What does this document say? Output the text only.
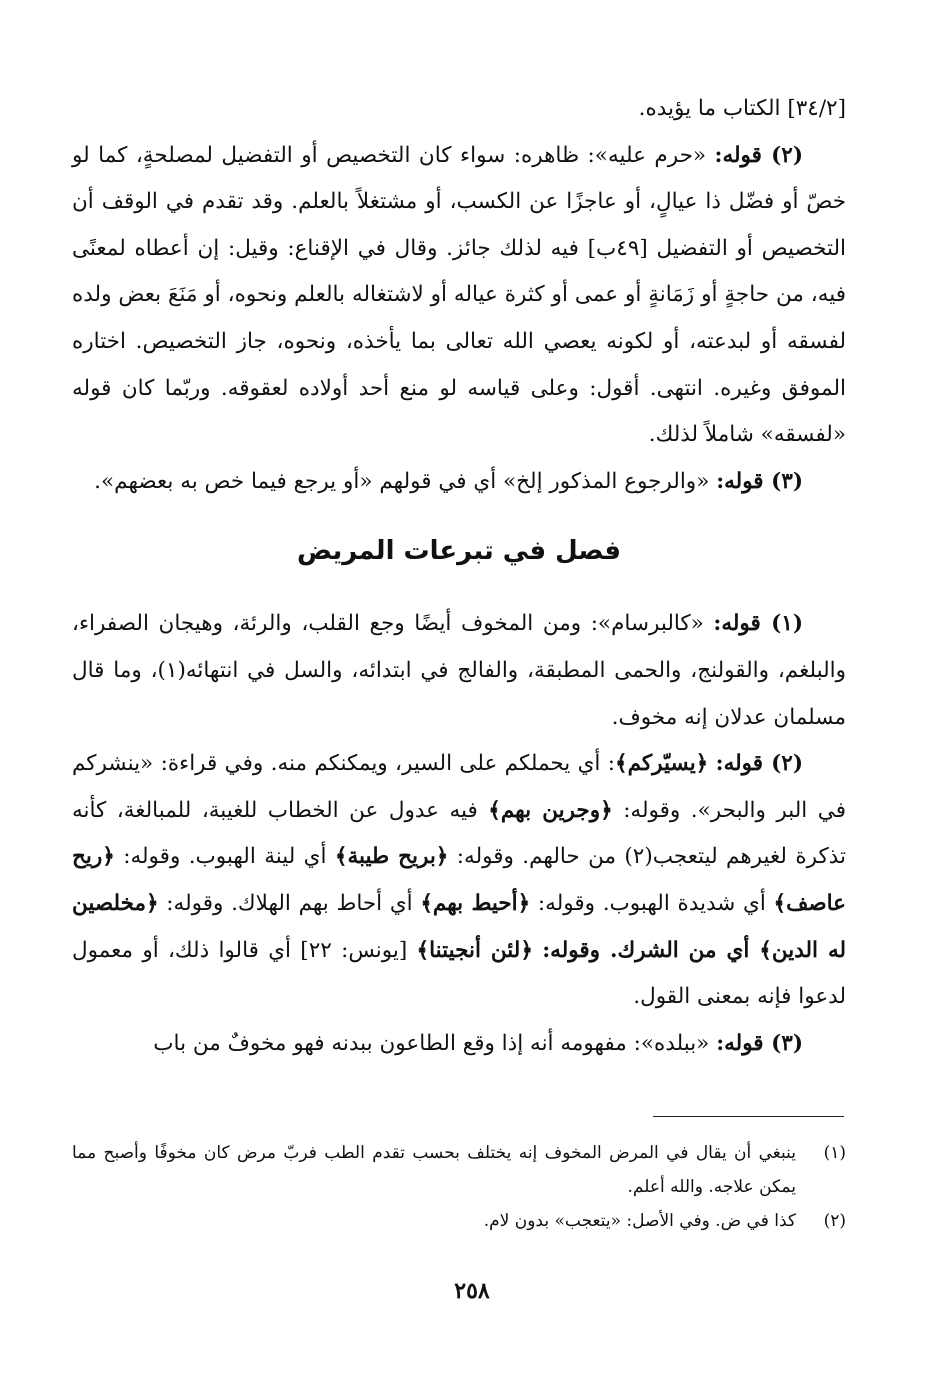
[٣٤/٢] الكتاب ما يؤيده.

(٢) قوله: «حرم عليه»: ظاهره: سواء كان التخصيص أو التفضيل لمصلحةٍ، كما لو خصّ أو فضّل ذا عيالٍ، أو عاجزًا عن الكسب، أو مشتغلاً بالعلم. وقد تقدم في الوقف أن التخصيص أو التفضيل [٤٩ب] فيه لذلك جائز. وقال في الإقناع: وقيل: إن أعطاه لمعنًى فيه، من حاجةٍ أو زَمَانةٍ أو عمى أو كثرة عياله أو لاشتغاله بالعلم ونحوه، أو مَنَعَ بعض ولده لفسقه أو لبدعته، أو لكونه يعصي الله تعالى بما يأخذه، ونحوه، جاز التخصيص. اختاره الموفق وغيره. انتهى. أقول: وعلى قياسه لو منع أحد أولاده لعقوقه. وربّما كان قوله «لفسقه» شاملاً لذلك.

(٣) قوله: «والرجوع المذكور إلخ» أي في قولهم «أو يرجع فيما خص به بعضهم».

فصل في تبرعات المريض

(١) قوله: «كالبرسام»: ومن المخوف أيضًا وجع القلب، والرئة، وهيجان الصفراء، والبلغم، والقولنج، والحمى المطبقة، والفالج في ابتدائه، والسل في انتهائه(١)، وما قال مسلمان عدلان إنه مخوف.

(٢) قوله: ﴿يسيّركم﴾: أي يحملكم على السير، ويمكنكم منه. وفي قراءة: «ينشركم في البر والبحر». وقوله: ﴿وجرين بهم﴾ فيه عدول عن الخطاب للغيبة، للمبالغة، كأنه تذكرة لغيرهم ليتعجب(٢) من حالهم. وقوله: ﴿بريح طيبة﴾ أي لينة الهبوب. وقوله: ﴿ريح عاصف﴾ أي شديدة الهبوب. وقوله: ﴿أحيط بهم﴾ أي أحاط بهم الهلاك. وقوله: ﴿مخلصين له الدين﴾ أي من الشرك. وقوله: ﴿لئن أنجيتنا﴾ [يونس: ٢٢] أي قالوا ذلك، أو معمول لدعوا فإنه بمعنى القول.

(٣) قوله: «ببلده»: مفهومه أنه إذا وقع الطاعون ببدنه فهو مخوفٌ من باب

(١)
ينبغي أن يقال في المرض المخوف إنه يختلف بحسب تقدم الطب فربّ مرض كان مخوفًا وأصبح مما يمكن علاجه. والله أعلم.
(٢)
كذا في ض. وفي الأصل: «يتعجب» بدون لام.
٢٥٨
